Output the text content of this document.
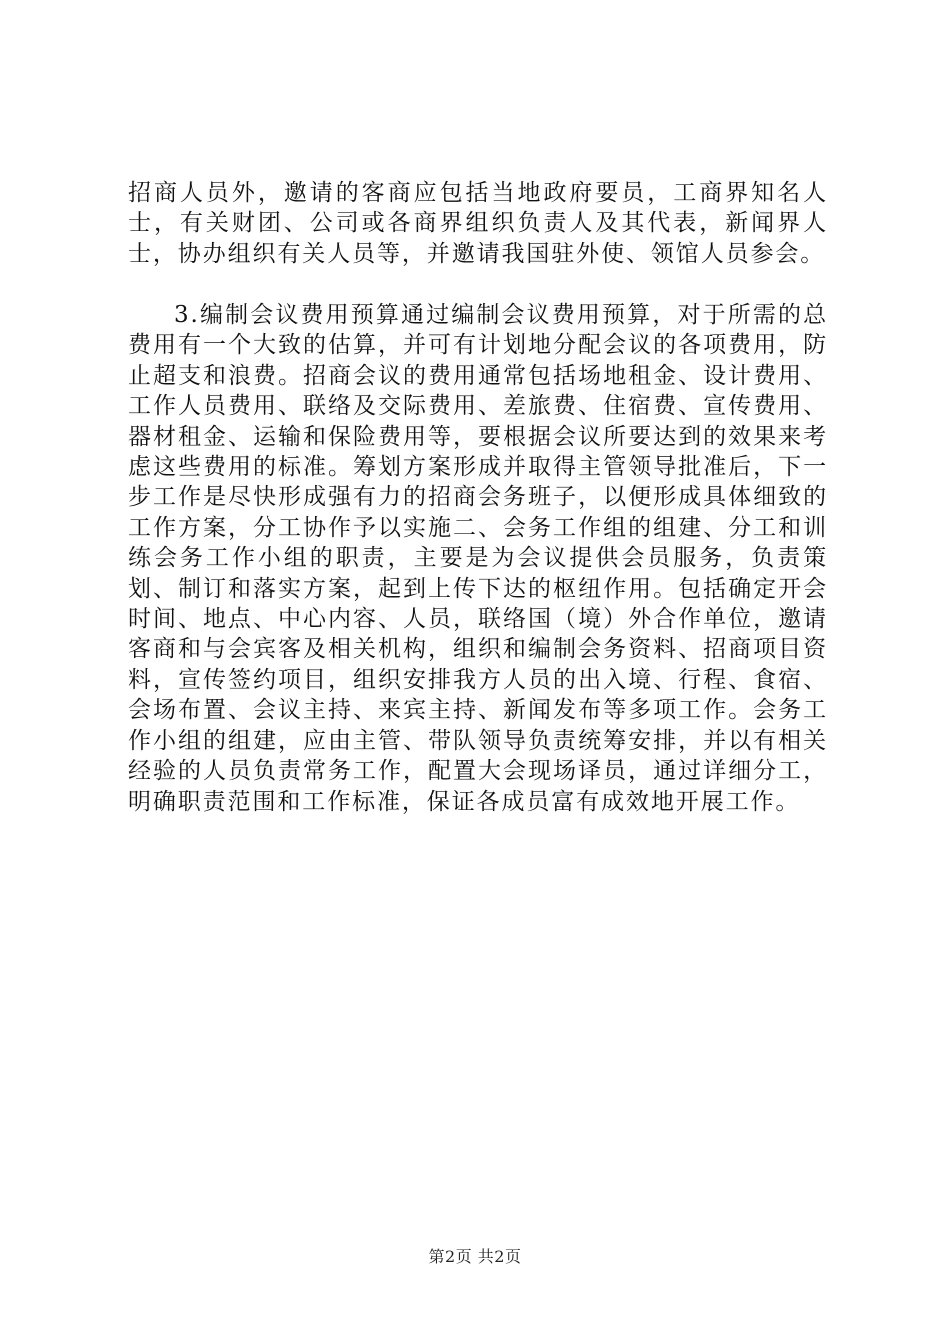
招商人员外，邀请的客商应包括当地政府要员，工商界知名人士，有关财团、公司或各商界组织负责人及其代表，新闻界人士，协办组织有关人员等，并邀请我国驻外使、领馆人员参会。

3.编制会议费用预算通过编制会议费用预算，对于所需的总费用有一个大致的估算，并可有计划地分配会议的各项费用，防止超支和浪费。招商会议的费用通常包括场地租金、设计费用、工作人员费用、联络及交际费用、差旅费、住宿费、宣传费用、器材租金、运输和保险费用等，要根据会议所要达到的效果来考虑这些费用的标准。筹划方案形成并取得主管领导批准后，下一步工作是尽快形成强有力的招商会务班子，以便形成具体细致的工作方案，分工协作予以实施二、会务工作组的组建、分工和训练会务工作小组的职责，主要是为会议提供会员服务，负责策划、制订和落实方案，起到上传下达的枢纽作用。包括确定开会时间、地点、中心内容、人员，联络国（境）外合作单位，邀请客商和与会宾客及相关机构，组织和编制会务资料、招商项目资料，宣传签约项目，组织安排我方人员的出入境、行程、食宿、会场布置、会议主持、来宾主持、新闻发布等多项工作。会务工作小组的组建，应由主管、带队领导负责统筹安排，并以有相关经验的人员负责常务工作，配置大会现场译员，通过详细分工，明确职责范围和工作标准，保证各成员富有成效地开展工作。

第2页 共2页
